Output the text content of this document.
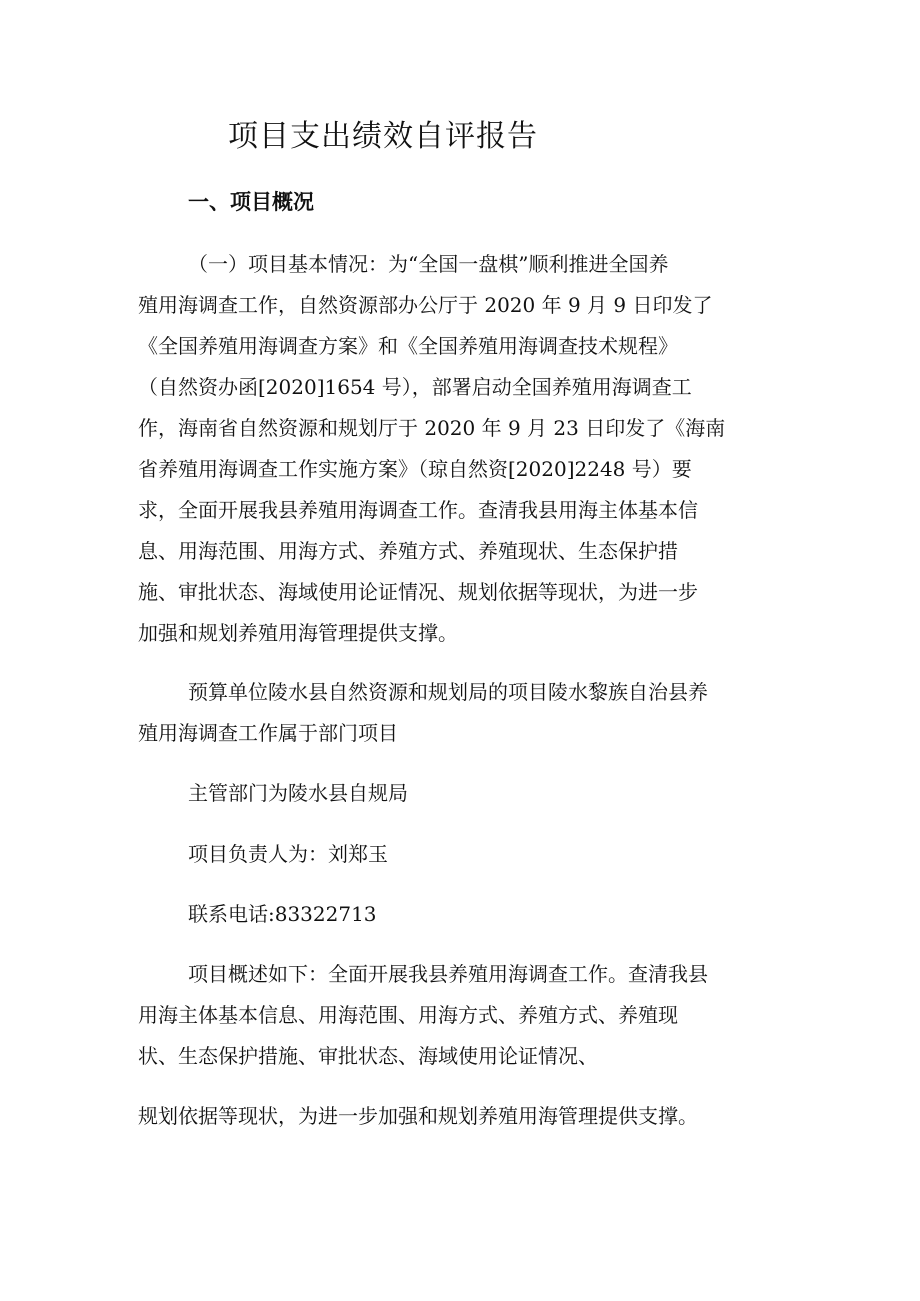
项目支出绩效自评报告
一、项目概况
（一）项目基本情况：为“全国一盘棋”顺利推进全国养
殖用海调查工作，自然资源部办公厅于 2020 年 9 月 9 日印发了
《全国养殖用海调查方案》和《全国养殖用海调查技术规程》
（自然资办函[2020]1654 号），部署启动全国养殖用海调查工
作，海南省自然资源和规划厅于 2020 年 9 月 23 日印发了《海南
省养殖用海调查工作实施方案》（琼自然资[2020]2248 号）要
求，全面开展我县养殖用海调查工作。查清我县用海主体基本信
息、用海范围、用海方式、养殖方式、养殖现状、生态保护措
施、审批状态、海域使用论证情况、规划依据等现状，为进一步
加强和规划养殖用海管理提供支撑。
预算单位陵水县自然资源和规划局的项目陵水黎族自治县养
殖用海调查工作属于部门项目
主管部门为陵水县自规局
项目负责人为：刘郑玉
联系电话:83322713
项目概述如下：全面开展我县养殖用海调查工作。查清我县
用海主体基本信息、用海范围、用海方式、养殖方式、养殖现
状、生态保护措施、审批状态、海域使用论证情况、
规划依据等现状，为进一步加强和规划养殖用海管理提供支撑。
